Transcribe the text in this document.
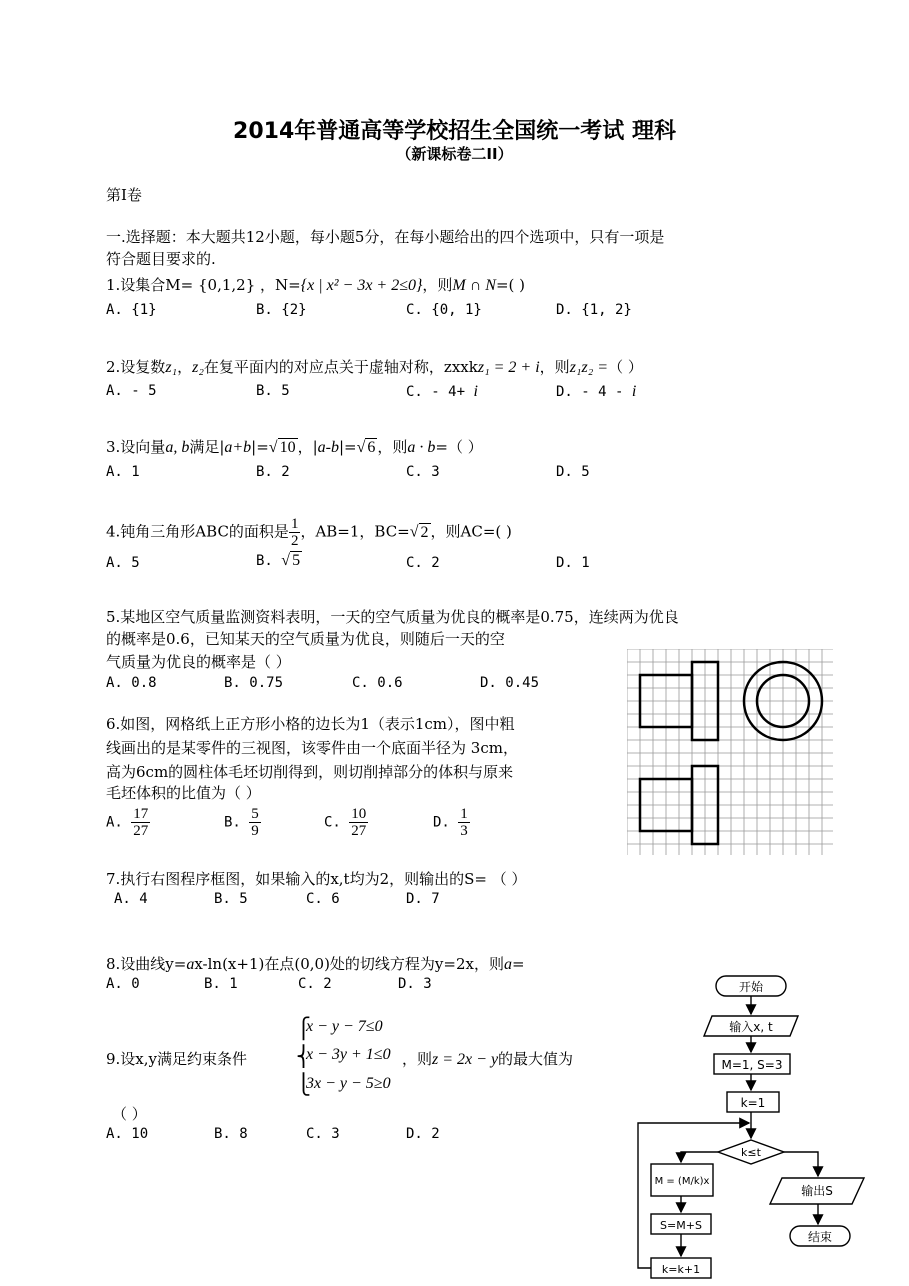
2014年普通高等学校招生全国统一考试 理科
（新课标卷二II）
第I卷
一.选择题：本大题共12小题，每小题5分，在每小题给出的四个选项中，只有一项是
符合题目要求的.
1.设集合M= {0,1,2} ，N={x | x² − 3x + 2≤0}，则M ∩ N=( )
A. {1}	B. {2}	C. {0, 1}	D. {1, 2}
2.设复数z₁，z₂在复平面内的对应点关于虚轴对称，zxxkz₁ = 2 + i，则z₁z₂ =（ ）
A. - 5	B. 5	C. - 4+ i	D. - 4 - i
3.设向量a, b满足|a+b|=√ 10 ，|a-b|=√ 6 ，则a · b=（ ）
A. 1	B. 2	C. 3	D. 5
4.钝角三角形ABC的面积是 $\frac{1}{2}$ ，AB=1，BC=√ 2 ，则AC=( )
A. 5	B. √ 5	C. 2	D. 1
5.某地区空气质量监测资料表明，一天的空气质量为优良的概率是0.75，连续两为优良
的概率是0.6，已知某天的空气质量为优良，则随后一天的空
气质量为优良的概率是（ ）
A. 0.8	B. 0.75	C. 0.6	D. 0.45
6.如图，网格纸上正方形小格的边长为1（表示1cm），图中粗
线画出的是某零件的三视图，该零件由一个底面半径为 3cm，
高为6cm的圆柱体毛坯切削得到，则切削掉部分的体积与原来
毛坯体积的比值为（ ）
A. $\frac{17}{27}$	B. $\frac{5}{9}$	C. $\frac{10}{27}$	D. $\frac{1}{3}$
7.执行右图程序框图，如果输入的x,t均为2，则输出的S= （ ）
A. 4	B. 5	C. 6	D. 7
8.设曲线y=ax-ln(x+1)在点(0,0)处的切线方程为y=2x，则a=
A. 0	B. 1	C. 2	D. 3
⎧
⎨
⎩
x − y − 7≤0
x − 3y + 1≤0
3x − y − 5≥0
9.设x,y满足约束条件	，则z = 2x − y的最大值为
（ ）
A. 10	B. 8	C. 3	D. 2
开始
输入x, t
M=1, S=3
k=1
k≤t
M = (M/k)x
S=M+S
k=k+1
输出S
结束
